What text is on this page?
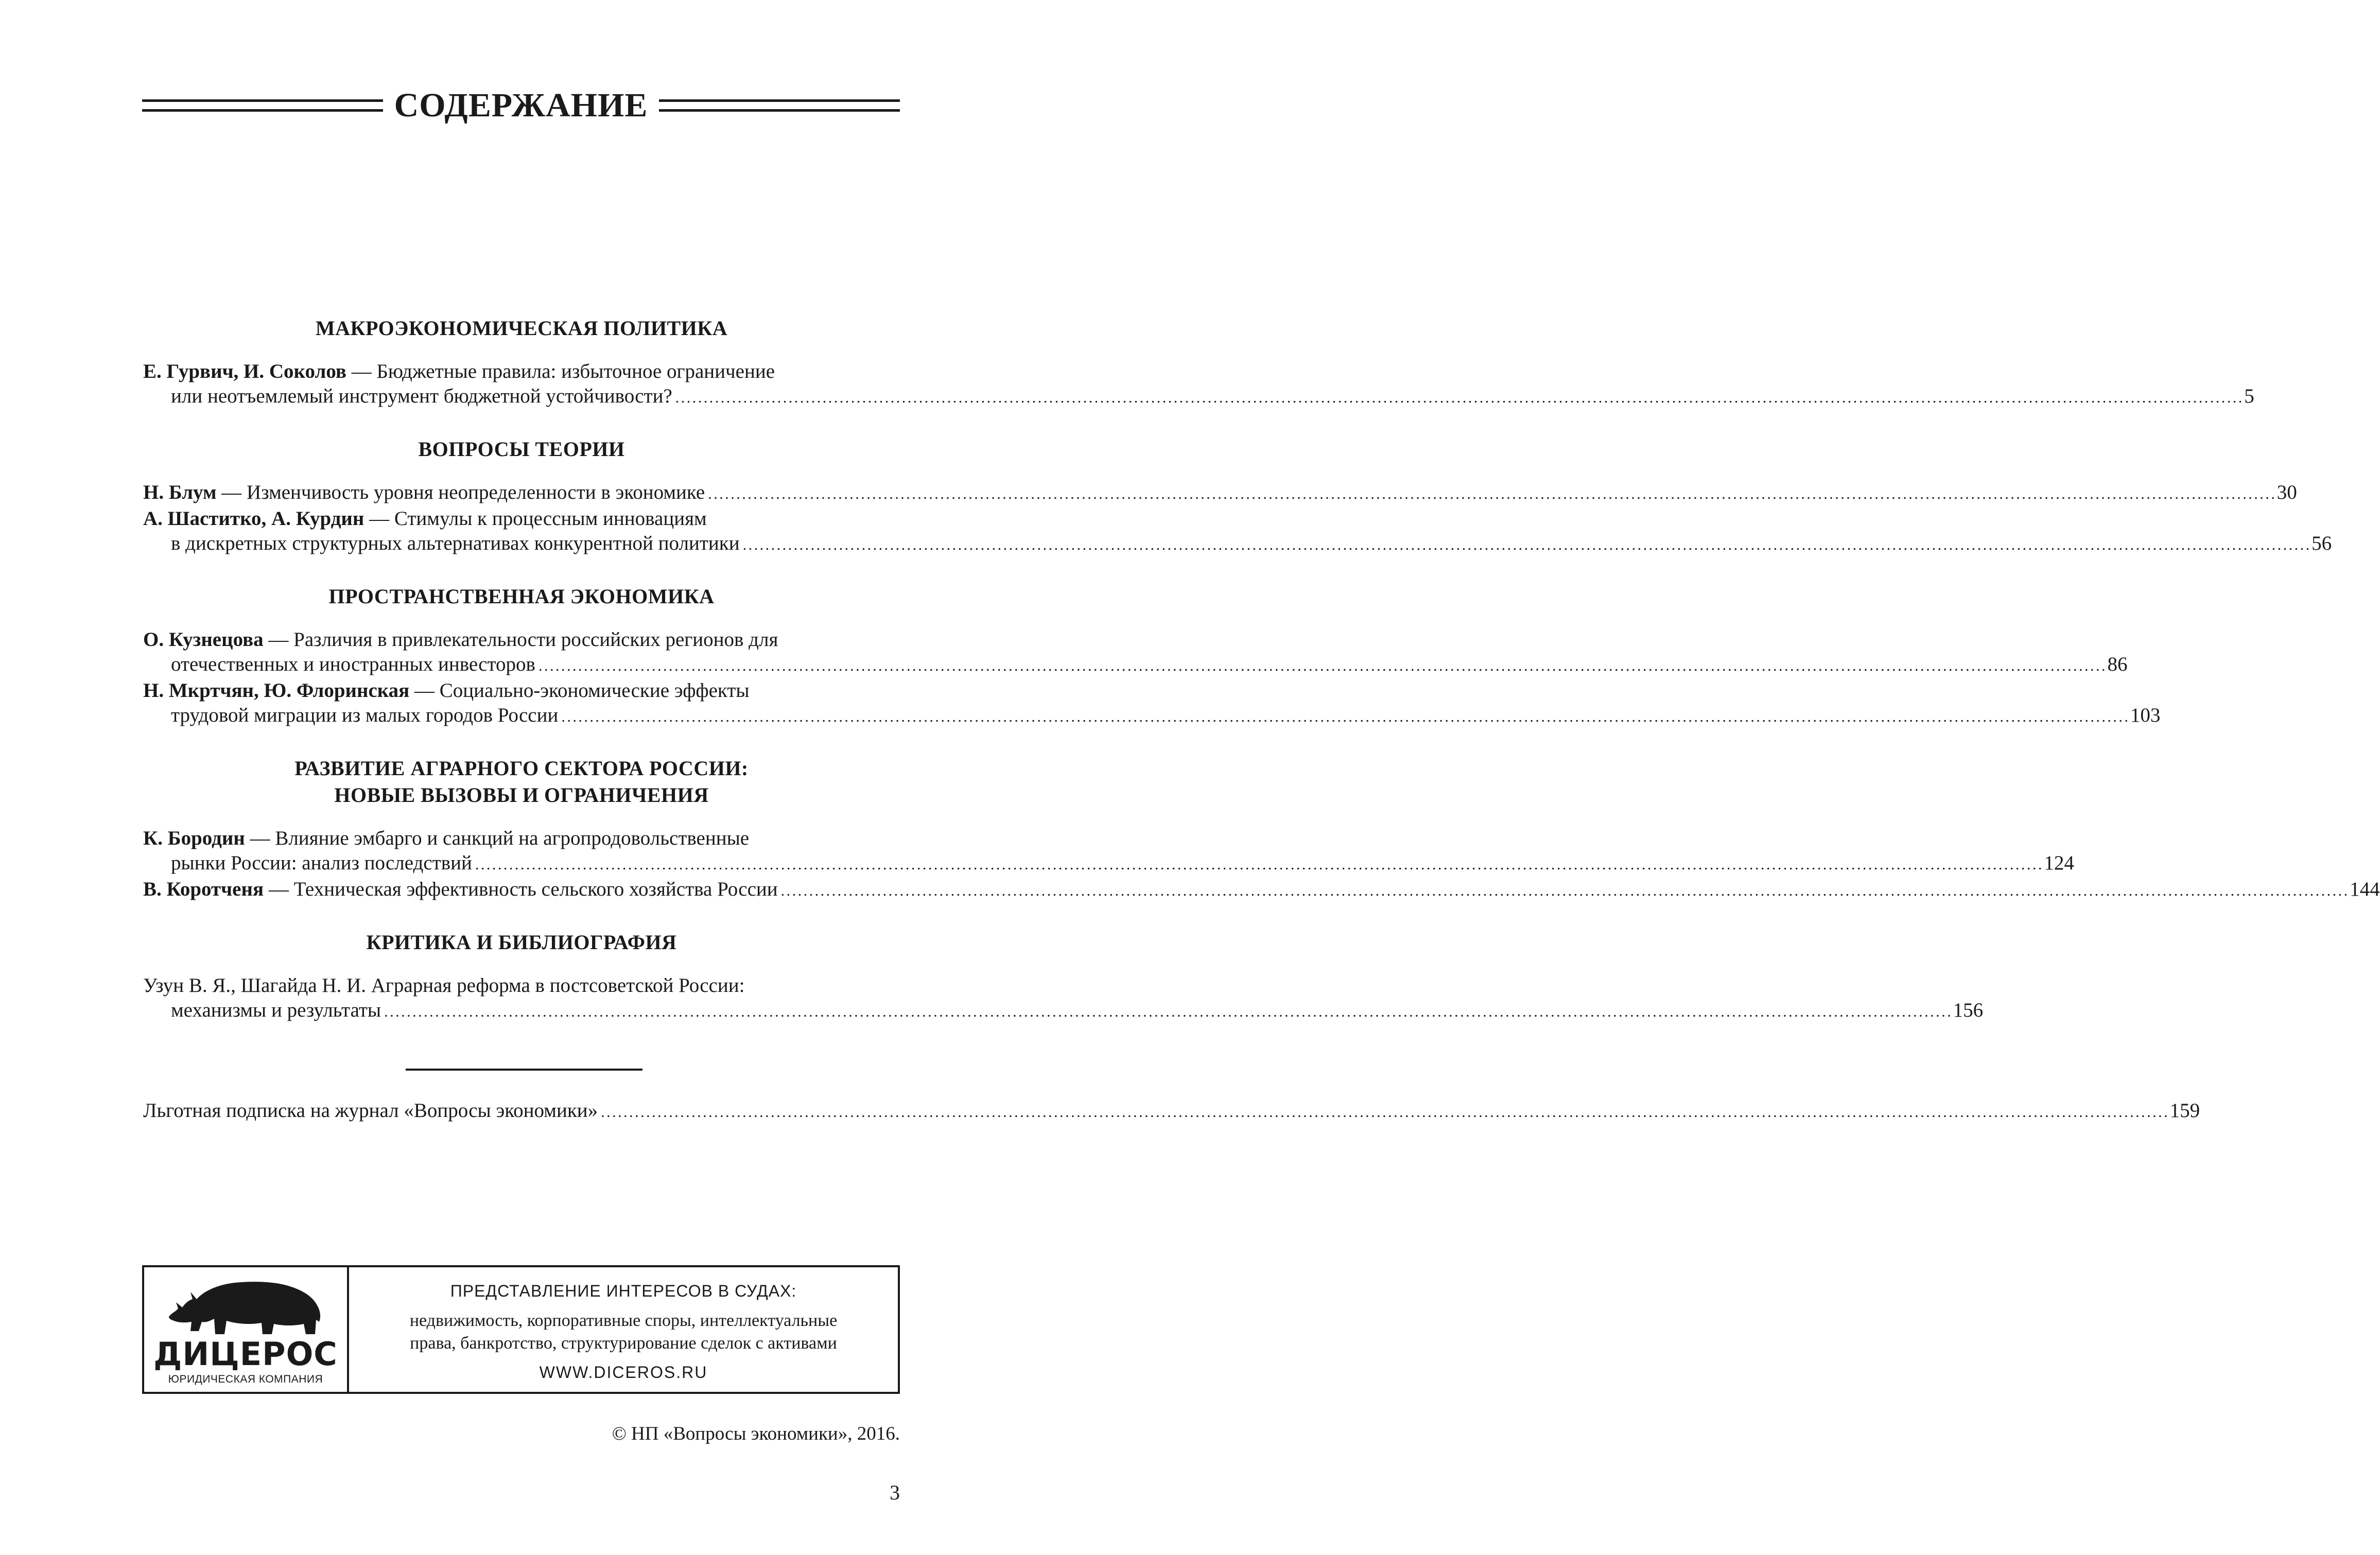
СОДЕРЖАНИЕ
МАКРОЭКОНОМИЧЕСКАЯ ПОЛИТИКА
Е. Гурвич, И. Соколов — Бюджетные правила: избыточное ограничение
или неотъемлемый инструмент бюджетной устойчивости? . . .	5
ВОПРОСЫ ТЕОРИИ
Н. Блум — Изменчивость уровня неопределенности в экономике . . .	30
А. Шаститко, А. Курдин — Стимулы к процессным инновациям
в дискретных структурных альтернативах конкурентной политики . . .	56
ПРОСТРАНСТВЕННАЯ ЭКОНОМИКА
О. Кузнецова — Различия в привлекательности российских регионов для
отечественных и иностранных инвесторов . . .	86
Н. Мкртчян, Ю. Флоринская — Социально-экономические эффекты
трудовой миграции из малых городов России . . .	103
РАЗВИТИЕ АГРАРНОГО СЕКТОРА РОССИИ:
НОВЫЕ ВЫЗОВЫ И ОГРАНИЧЕНИЯ
К. Бородин — Влияние эмбарго и санкций на агропродовольственные
рынки России: анализ последствий . . .	124
В. Коротченя — Техническая эффективность сельского хозяйства России . . .	144
КРИТИКА И БИБЛИОГРАФИЯ
Узун В. Я., Шагайда Н. И. Аграрная реформа в постсоветской России:
механизмы и результаты . . .	156
Льготная подписка на журнал «Вопросы экономики» . . .	159
ДИЦЕРОС
ЮРИДИЧЕСКАЯ КОМПАНИЯ
ПРЕДСТАВЛЕНИЕ ИНТЕРЕСОВ В СУДАХ:
недвижимость, корпоративные споры, интеллектуальные
права, банкротство, структурирование сделок с активами
WWW.DICEROS.RU
© НП «Вопросы экономики», 2016.
3
